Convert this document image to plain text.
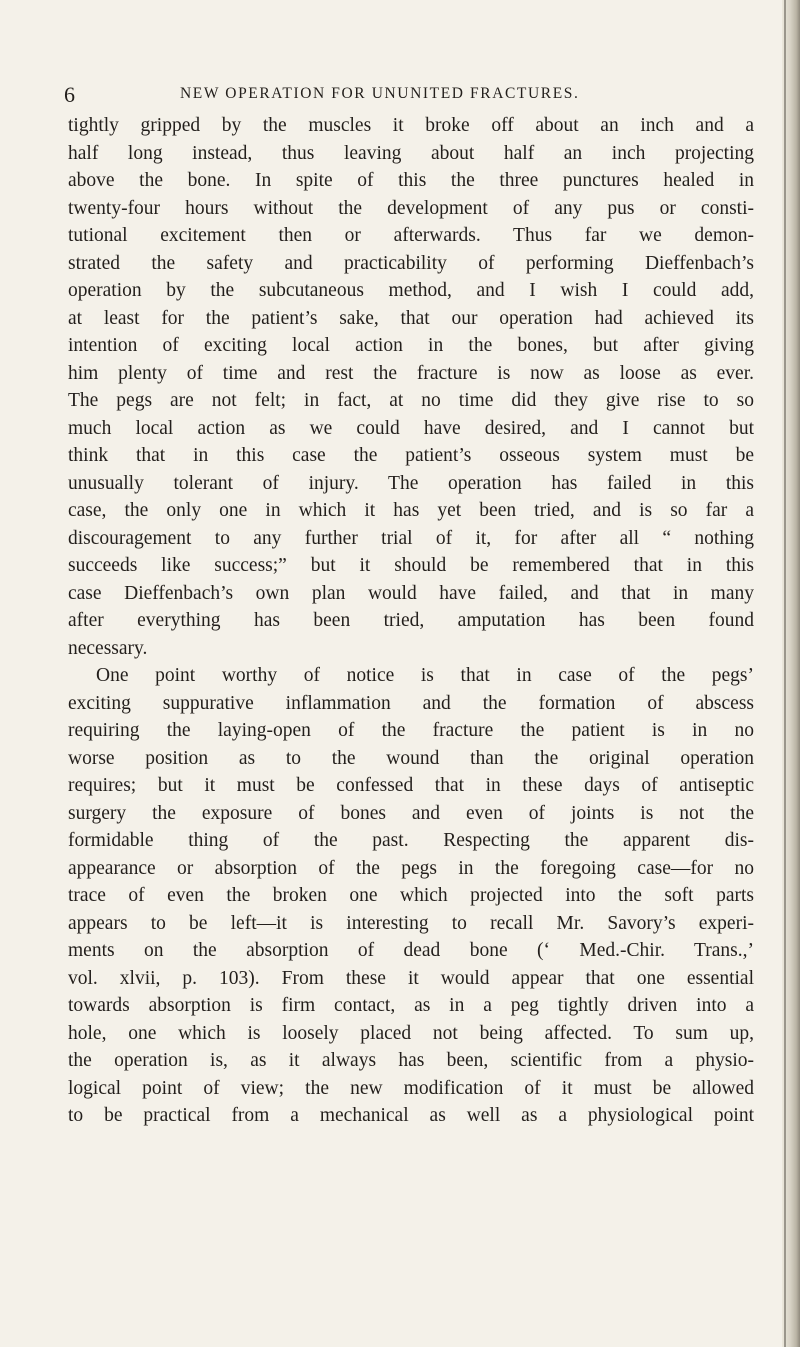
6	NEW OPERATION FOR UNUNITED FRACTURES.
tightly gripped by the muscles it broke off about an inch and a
half long instead, thus leaving about half an inch projecting
above the bone. In spite of this the three punctures healed in
twenty-four hours without the development of any pus or consti-
tutional excitement then or afterwards. Thus far we demon-
strated the safety and practicability of performing Dieffenbach’s
operation by the subcutaneous method, and I wish I could add,
at least for the patient’s sake, that our operation had achieved its
intention of exciting local action in the bones, but after giving
him plenty of time and rest the fracture is now as loose as ever.
The pegs are not felt; in fact, at no time did they give rise to so
much local action as we could have desired, and I cannot but
think that in this case the patient’s osseous system must be
unusually tolerant of injury. The operation has failed in this
case, the only one in which it has yet been tried, and is so far a
discouragement to any further trial of it, for after all “ nothing
succeeds like success;” but it should be remembered that in this
case Dieffenbach’s own plan would have failed, and that in many
after everything has been tried, amputation has been found
necessary.
One point worthy of notice is that in case of the pegs’
exciting suppurative inflammation and the formation of abscess
requiring the laying-open of the fracture the patient is in no
worse position as to the wound than the original operation
requires; but it must be confessed that in these days of antiseptic
surgery the exposure of bones and even of joints is not the
formidable thing of the past. Respecting the apparent dis-
appearance or absorption of the pegs in the foregoing case—for no
trace of even the broken one which projected into the soft parts
appears to be left—it is interesting to recall Mr. Savory’s experi-
ments on the absorption of dead bone (‘ Med.-Chir. Trans.,’
vol. xlvii, p. 103). From these it would appear that one essential
towards absorption is firm contact, as in a peg tightly driven into a
hole, one which is loosely placed not being affected. To sum up,
the operation is, as it always has been, scientific from a physio-
logical point of view; the new modification of it must be allowed
to be practical from a mechanical as well as a physiological point
